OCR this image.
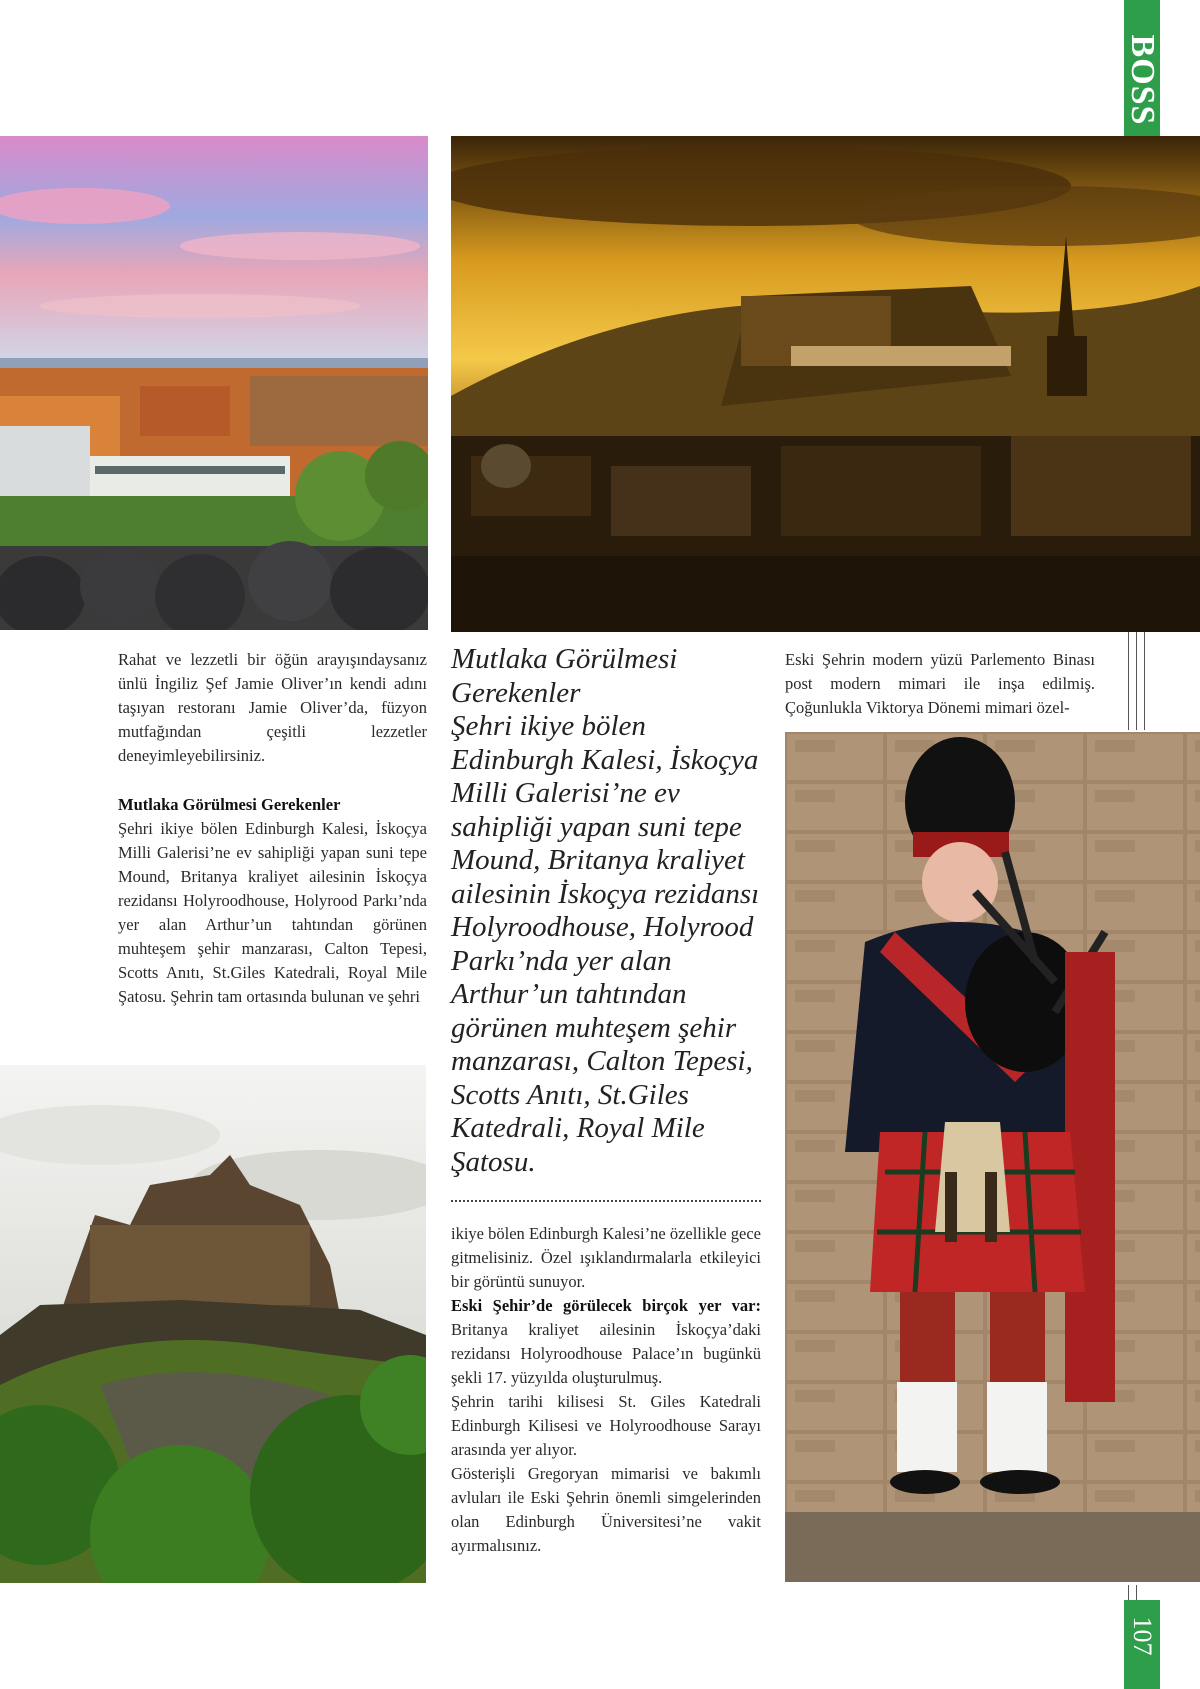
BOSS
107

Rahat ve lezzetli bir öğün arayışındaysanız ünlü İngiliz Şef Jamie Oliver’ın kendi adını taşıyan restoranı Jamie Oliver’da, füzyon mutfağından çeşitli lezzetler deneyimleyebilirsiniz.

Mutlaka Görülmesi Gerekenler

Şehri ikiye bölen Edinburgh Kalesi, İskoçya Milli Galerisi’ne ev sahipliği yapan suni tepe Mound, Britanya kraliyet ailesinin İskoçya rezidansı Holyroodhouse, Holyrood Parkı’nda yer alan Arthur’un tahtından görünen muhteşem şehir manzarası, Calton Tepesi, Scotts Anıtı, St.Giles Katedrali, Royal Mile Şatosu. Şehrin tam ortasında bulunan ve şehri

Mutlaka Görülmesi Gerekenler
Şehri ikiye bölen Edinburgh Kalesi, İskoçya Milli Galerisi’ne ev sahipliği yapan suni tepe Mound, Britanya kraliyet ailesinin İskoçya rezidansı Holyroodhouse, Holyrood Parkı’nda yer alan Arthur’un tahtından görünen muhteşem şehir manzarası, Calton Tepesi, Scotts Anıtı, St.Giles Katedrali, Royal Mile Şatosu.

ikiye bölen Edinburgh Kalesi’ne özellikle gece gitmelisiniz. Özel ışıklandırmalarla etkileyici bir görüntü sunuyor.

Eski Şehir’de görülecek birçok yer var: Britanya kraliyet ailesinin İskoçya’daki rezidansı Holyroodhouse Palace’ın bugünkü şekli 17. yüzyılda oluşturulmuş.

Şehrin tarihi kilisesi St. Giles Katedrali Edinburgh Kilisesi ve Holyroodhouse Sarayı arasında yer alıyor.

Gösterişli Gregoryan mimarisi ve bakımlı avluları ile Eski Şehrin önemli simgelerinden olan Edinburgh Üniversitesi’ne vakit ayırmalısınız.

Eski Şehrin modern yüzü Parlemento Binası post modern mimari ile inşa edilmiş. Çoğunlukla Viktorya Dönemi mimari özel-
